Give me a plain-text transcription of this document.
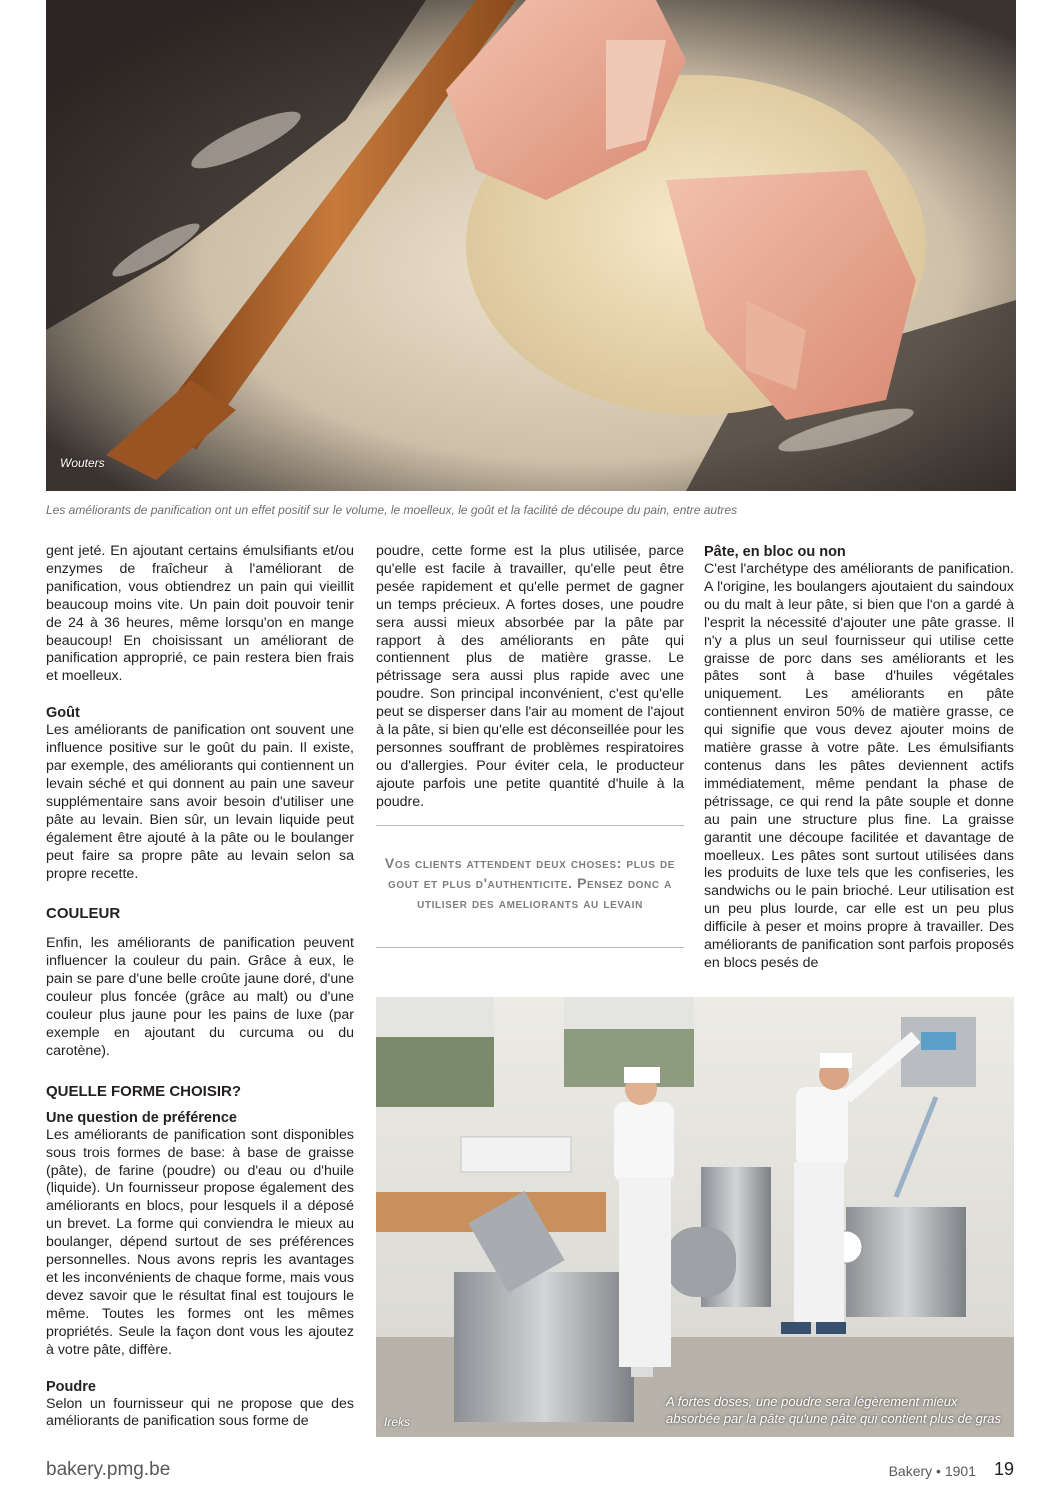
Wouters
Les améliorants de panification ont un effet positif sur le volume, le moelleux, le goût et la facilité de découpe du pain, entre autres

gent jeté. En ajoutant certains émulsifiants et/ou enzymes de fraîcheur à l'améliorant de panification, vous obtiendrez un pain qui vieillit beaucoup moins vite. Un pain doit pouvoir tenir de 24 à 36 heures, même lorsqu'on en mange beaucoup! En choisissant un améliorant de panification approprié, ce pain restera bien frais et moelleux.

Goût

Les améliorants de panification ont souvent une influence positive sur le goût du pain. Il existe, par exemple, des améliorants qui contiennent un levain séché et qui donnent au pain une saveur supplémentaire sans avoir besoin d'utiliser une pâte au levain. Bien sûr, un levain liquide peut également être ajouté à la pâte ou le boulanger peut faire sa propre pâte au levain selon sa propre recette.

COULEUR

Enfin, les améliorants de panification peuvent influencer la couleur du pain. Grâce à eux, le pain se pare d'une belle croûte jaune doré, d'une couleur plus foncée (grâce au malt) ou d'une couleur plus jaune pour les pains de luxe (par exemple en ajoutant du curcuma ou du carotène).

QUELLE FORME CHOISIR?
Une question de préférence

Les améliorants de panification sont disponibles sous trois formes de base: à base de graisse (pâte), de farine (poudre) ou d'eau ou d'huile (liquide). Un fournisseur propose également des améliorants en blocs, pour lesquels il a déposé un brevet. La forme qui conviendra le mieux au boulanger, dépend surtout de ses préférences personnelles. Nous avons repris les avantages et les inconvénients de chaque forme, mais vous devez savoir que le résultat final est toujours le même. Toutes les formes ont les mêmes propriétés. Seule la façon dont vous les ajoutez à votre pâte, diffère.

Poudre

Selon un fournisseur qui ne propose que des améliorants de panification sous forme de

poudre, cette forme est la plus utilisée, parce qu'elle est facile à travailler, qu'elle peut être pesée rapidement et qu'elle permet de gagner un temps précieux. A fortes doses, une poudre sera aussi mieux absorbée par la pâte par rapport à des améliorants en pâte qui contiennent plus de matière grasse. Le pétrissage sera aussi plus rapide avec une poudre. Son principal inconvénient, c'est qu'elle peut se disperser dans l'air au moment de l'ajout à la pâte, si bien qu'elle est déconseillée pour les personnes souffrant de problèmes respiratoires ou d'allergies. Pour éviter cela, le producteur ajoute parfois une petite quantité d'huile à la poudre.

Vos clients attendent deux choses: plus de gout et plus d'authenticite. Pensez donc a utiliser des ameliorants au levain
Pâte, en bloc ou non

C'est l'archétype des améliorants de panification. A l'origine, les boulangers ajoutaient du saindoux ou du malt à leur pâte, si bien que l'on a gardé à l'esprit la nécessité d'ajouter une pâte grasse. Il n'y a plus un seul fournisseur qui utilise cette graisse de porc dans ses améliorants et les pâtes sont à base d'huiles végétales uniquement. Les améliorants en pâte contiennent environ 50% de matière grasse, ce qui signifie que vous devez ajouter moins de matière grasse à votre pâte. Les émulsifiants contenus dans les pâtes deviennent actifs immédiatement, même pendant la phase de pétrissage, ce qui rend la pâte souple et donne au pain une structure plus fine. La graisse garantit une découpe facilitée et davantage de moelleux. Les pâtes sont surtout utilisées dans les produits de luxe tels que les confiseries, les sandwichs ou le pain brioché. Leur utilisation est un peu plus lourde, car elle est un peu plus difficile à peser et moins propre à travailler. Des améliorants de panification sont parfois proposés en blocs pesés de

Ireks
A fortes doses, une poudre sera légèrement mieux absorbée par la pâte qu'une pâte qui contient plus de gras
bakery.pmg.be	Bakery • 1901 19
